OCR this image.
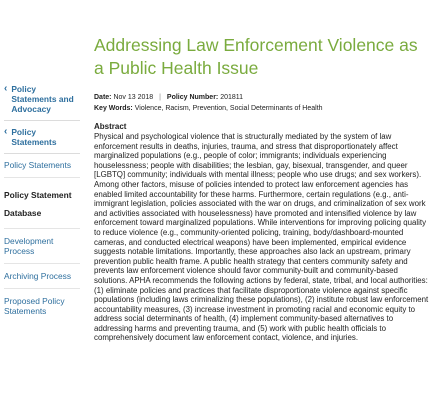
‹ Policy Statements and Advocacy
‹ Policy Statements
Policy Statements
Policy Statement Database
Development Process
Archiving Process
Proposed Policy Statements
Addressing Law Enforcement Violence as a Public Health Issue
Date: Nov 13 2018 | Policy Number: 201811
Key Words: Violence, Racism, Prevention, Social Determinants of Health
Abstract

Physical and psychological violence that is structurally mediated by the system of law enforcement results in deaths, injuries, trauma, and stress that disproportionately affect marginalized populations (e.g., people of color; immigrants; individuals experiencing houselessness; people with disabilities; the lesbian, gay, bisexual, transgender, and queer [LGBTQ] community; individuals with mental illness; people who use drugs; and sex workers). Among other factors, misuse of policies intended to protect law enforcement agencies has enabled limited accountability for these harms. Furthermore, certain regulations (e.g., anti-immigrant legislation, policies associated with the war on drugs, and criminalization of sex work and activities associated with houselessness) have promoted and intensified violence by law enforcement toward marginalized populations. While interventions for improving policing quality to reduce violence (e.g., community-oriented policing, training, body/dashboard-mounted cameras, and conducted electrical weapons) have been implemented, empirical evidence suggests notable limitations. Importantly, these approaches also lack an upstream, primary prevention public health frame. A public health strategy that centers community safety and prevents law enforcement violence should favor community-built and community-based solutions. APHA recommends the following actions by federal, state, tribal, and local authorities: (1) eliminate policies and practices that facilitate disproportionate violence against specific populations (including laws criminalizing these populations), (2) institute robust law enforcement accountability measures, (3) increase investment in promoting racial and economic equity to address social determinants of health, (4) implement community-based alternatives to addressing harms and preventing trauma, and (5) work with public health officials to comprehensively document law enforcement contact, violence, and injuries.
